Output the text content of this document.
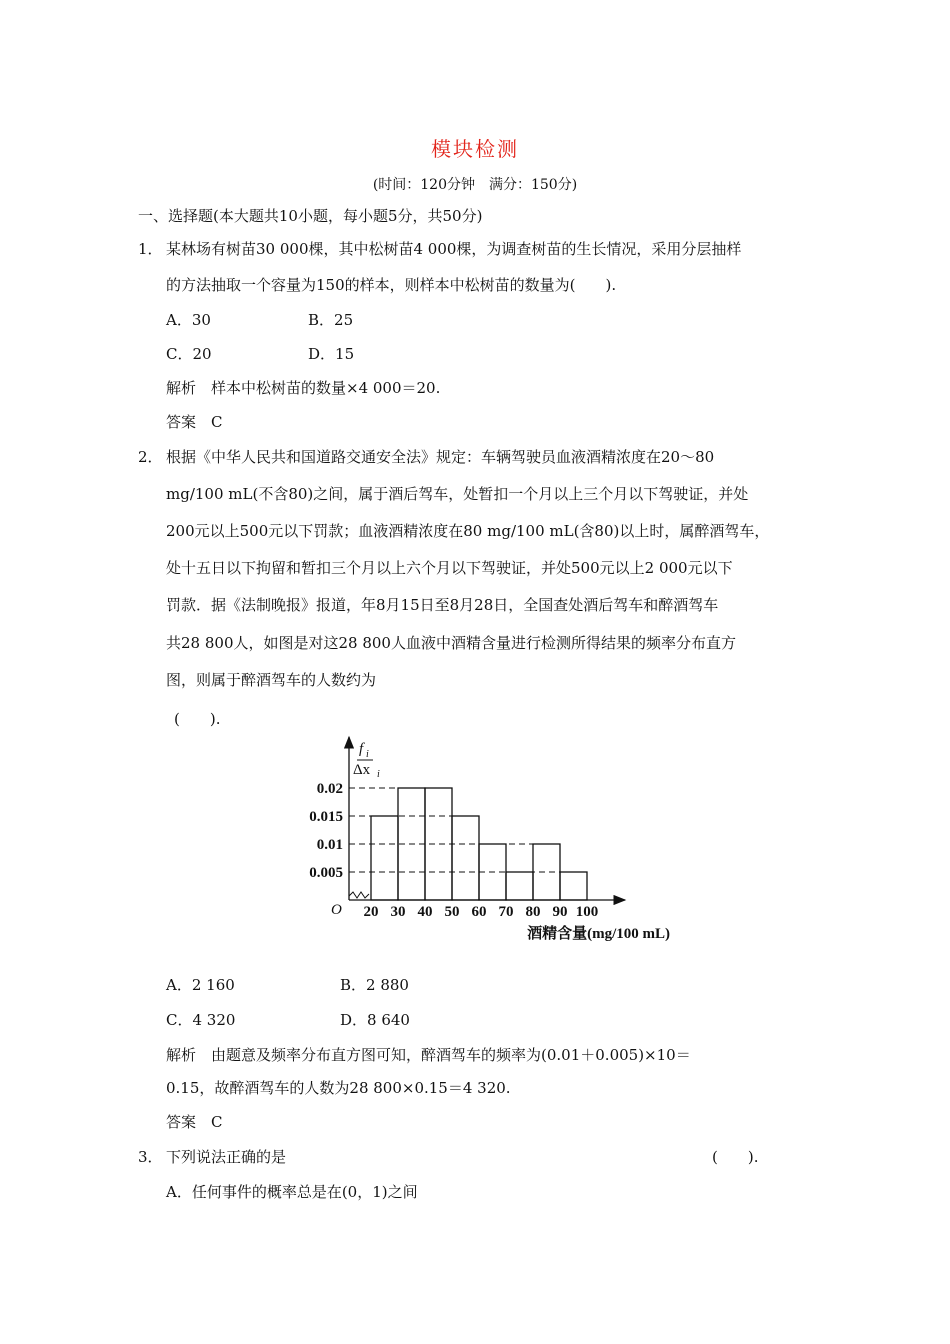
模块检测
(时间：120分钟　满分：150分)
一、选择题(本大题共10小题，每小题5分，共50分)
1． 某林场有树苗30 000棵，其中松树苗4 000棵，为调查树苗的生长情况，采用分层抽样
的方法抽取一个容量为150的样本，则样本中松树苗的数量为(　　).
A．30	B．25
C．20	D．15
解析　样本中松树苗的数量×4 000＝20.
答案　C
2． 根据《中华人民共和国道路交通安全法》规定：车辆驾驶员血液酒精浓度在20～80
mg/100 mL(不含80)之间，属于酒后驾车，处暂扣一个月以上三个月以下驾驶证，并处
200元以上500元以下罚款；血液酒精浓度在80 mg/100 mL(含80)以上时，属醉酒驾车，
处十五日以下拘留和暂扣三个月以上六个月以下驾驶证，并处500元以上2 000元以下
罚款．据《法制晚报》报道，年8月15日至8月28日，全国查处酒后驾车和醉酒驾车
共28 800人，如图是对这28 800人血液中酒精含量进行检测所得结果的频率分布直方
图，则属于醉酒驾车的人数约为
(　　).
O
f i
Δx i
0.005
0.01
0.015
0.02
20 30 40 50 60 70 80 90 100
酒精含量(mg/100 mL)
A．2 160	B．2 880
C．4 320	D．8 640
解析　由题意及频率分布直方图可知，醉酒驾车的频率为(0.01＋0.005)×10＝
0.15，故醉酒驾车的人数为28 800×0.15＝4 320.
答案　C
3． 下列说法正确的是	(　　).
A．任何事件的概率总是在(0，1)之间
